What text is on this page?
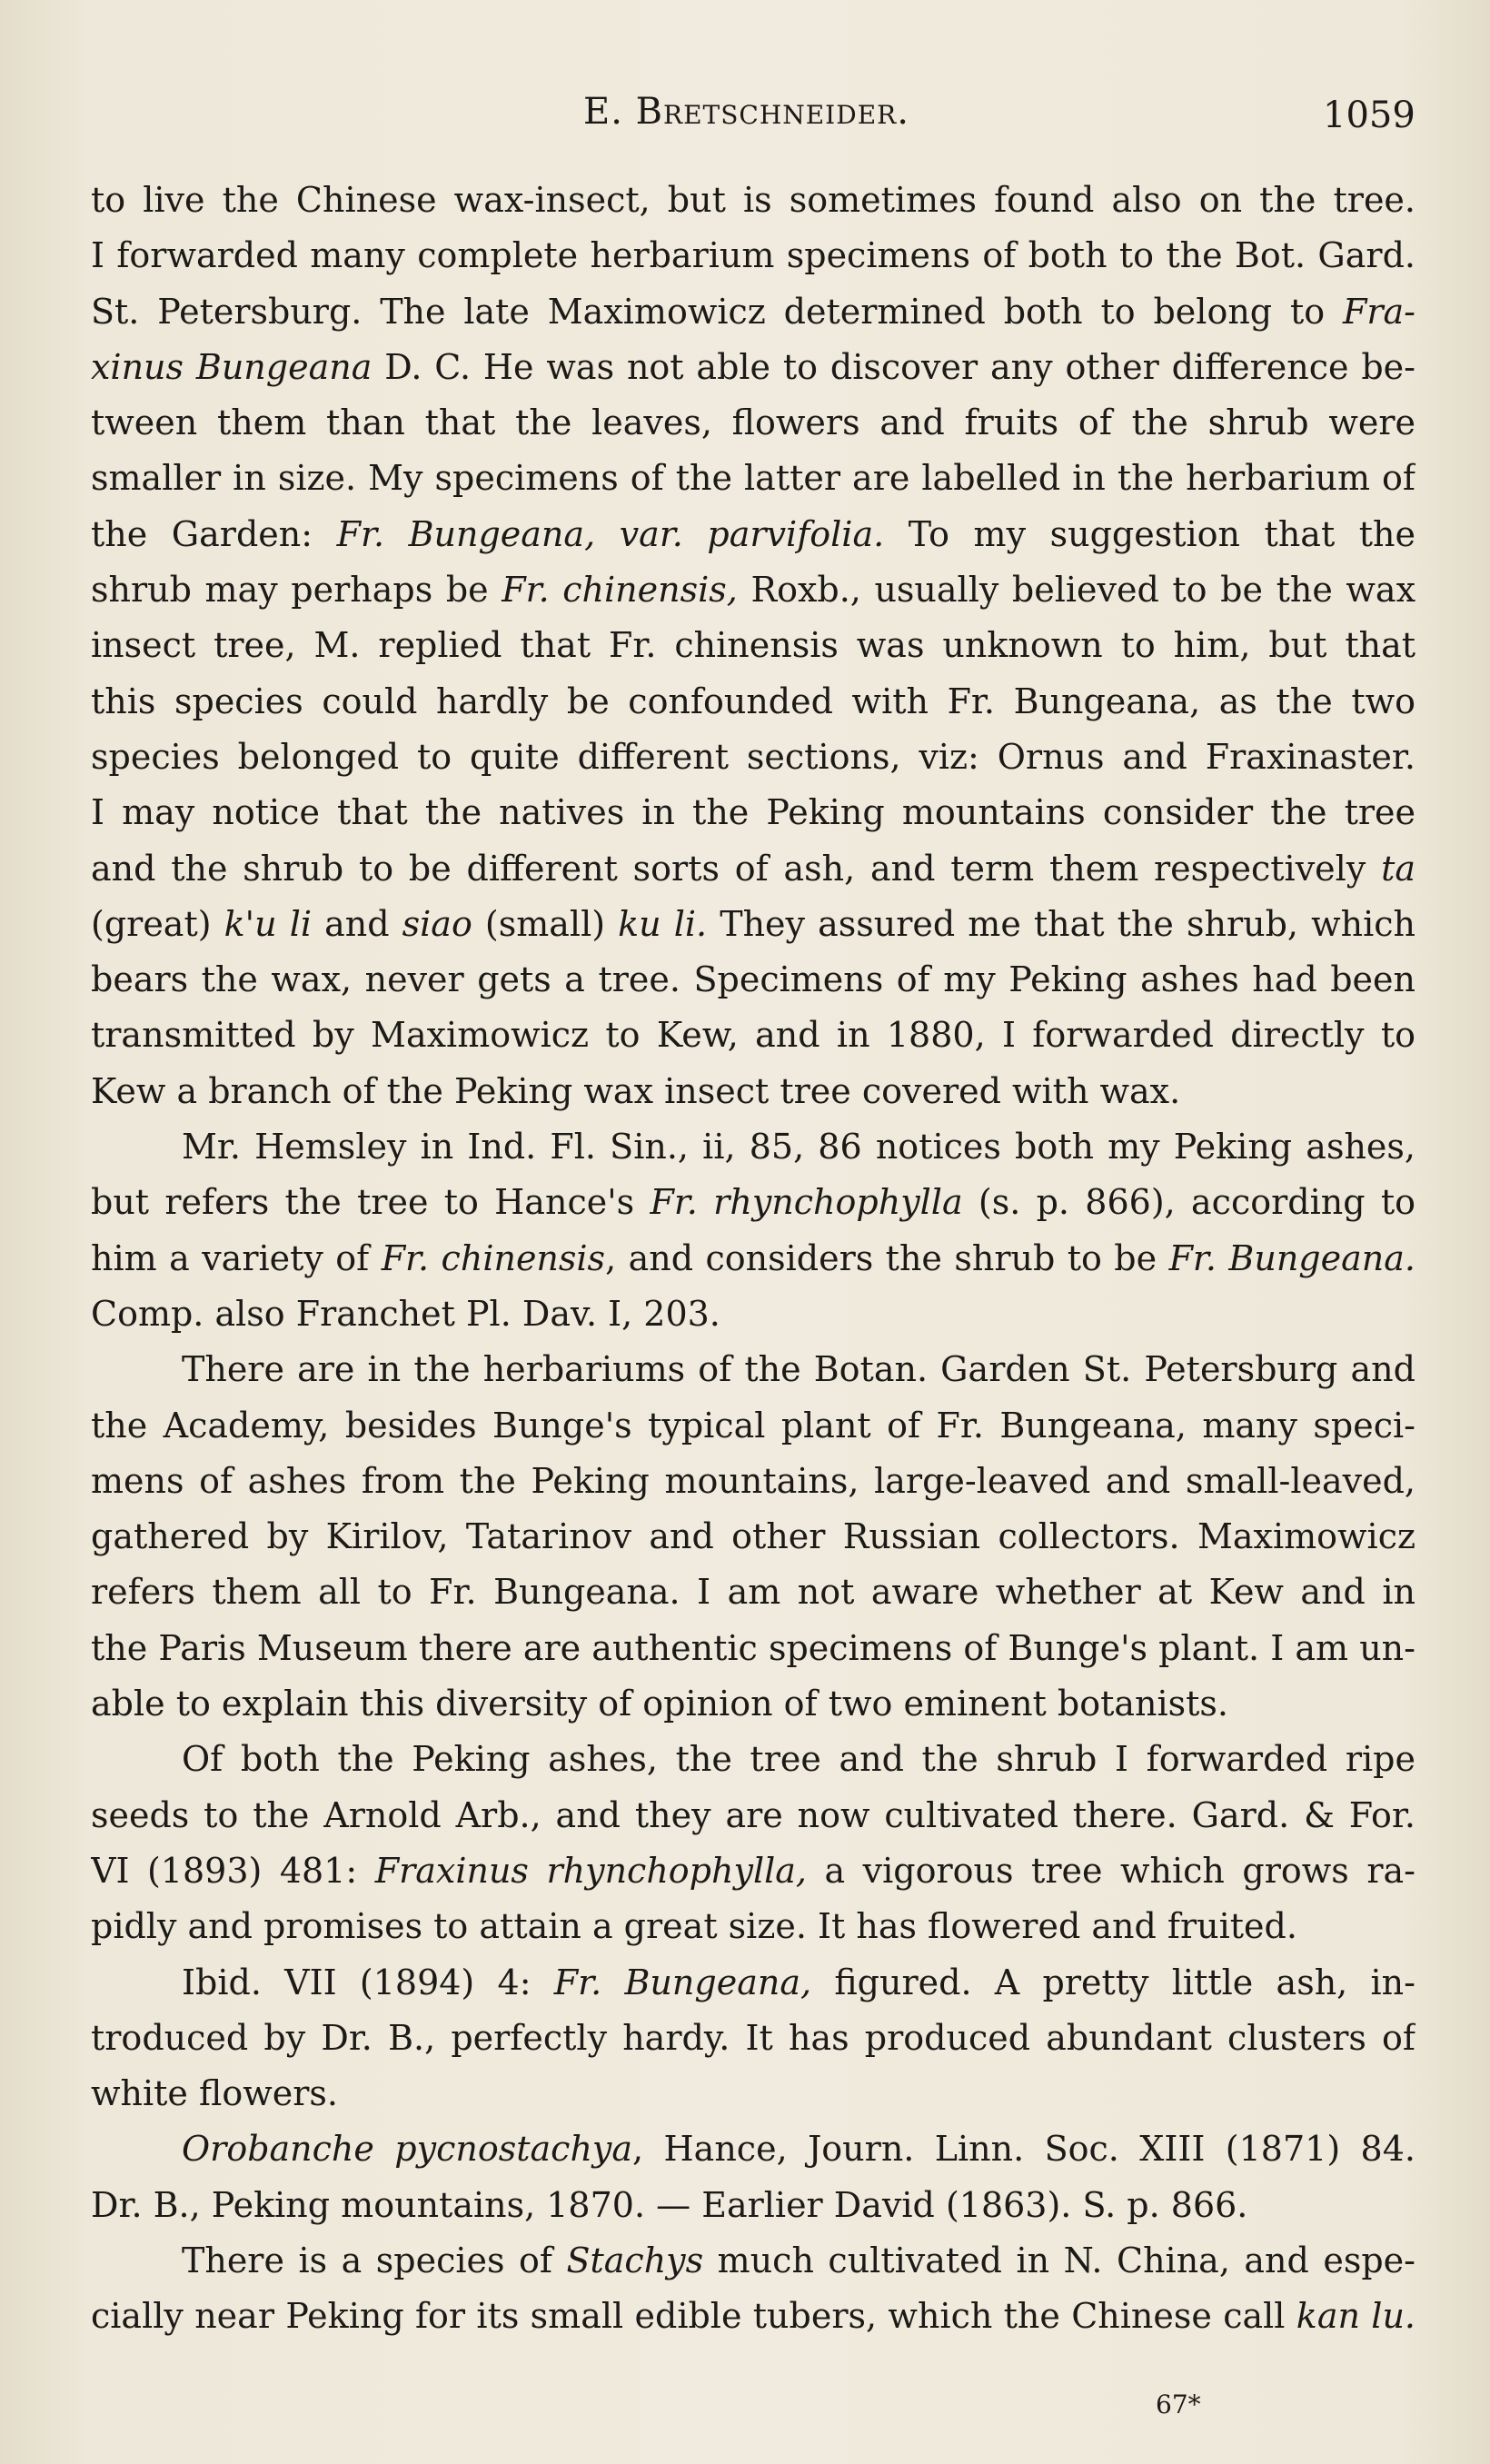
E. Bretschneider.	1059
to live the Chinese wax-insect, but is sometimes found also on the tree.
I forwarded many complete herbarium specimens of both to the Bot. Gard.
St. Petersburg. The late Maximowicz determined both to belong to Fra-
xinus Bungeana D. C. He was not able to discover any other difference be-
tween them than that the leaves, flowers and fruits of the shrub were
smaller in size. My specimens of the latter are labelled in the herbarium of
the Garden: Fr. Bungeana, var. parvifolia. To my suggestion that the
shrub may perhaps be Fr. chinensis, Roxb., usually believed to be the wax
insect tree, M. replied that Fr. chinensis was unknown to him, but that
this species could hardly be confounded with Fr. Bungeana, as the two
species belonged to quite different sections, viz: Ornus and Fraxinaster.
I may notice that the natives in the Peking mountains consider the tree
and the shrub to be different sorts of ash, and term them respectively ta
(great) k'u li and siao (small) ku li. They assured me that the shrub, which
bears the wax, never gets a tree. Specimens of my Peking ashes had been
transmitted by Maximowicz to Kew, and in 1880, I forwarded directly to
Kew a branch of the Peking wax insect tree covered with wax.
Mr. Hemsley in Ind. Fl. Sin., ii, 85, 86 notices both my Peking ashes,
but refers the tree to Hance's Fr. rhynchophylla (s. p. 866), according to
him a variety of Fr. chinensis, and considers the shrub to be Fr. Bungeana.
Comp. also Franchet Pl. Dav. I, 203.
There are in the herbariums of the Botan. Garden St. Petersburg and
the Academy, besides Bunge's typical plant of Fr. Bungeana, many speci-
mens of ashes from the Peking mountains, large-leaved and small-leaved,
gathered by Kirilov, Tatarinov and other Russian collectors. Maximowicz
refers them all to Fr. Bungeana. I am not aware whether at Kew and in
the Paris Museum there are authentic specimens of Bunge's plant. I am un-
able to explain this diversity of opinion of two eminent botanists.
Of both the Peking ashes, the tree and the shrub I forwarded ripe
seeds to the Arnold Arb., and they are now cultivated there. Gard. & For.
VI (1893) 481: Fraxinus rhynchophylla, a vigorous tree which grows ra-
pidly and promises to attain a great size. It has flowered and fruited.
Ibid. VII (1894) 4: Fr. Bungeana, figured. A pretty little ash, in-
troduced by Dr. B., perfectly hardy. It has produced abundant clusters of
white flowers.
Orobanche pycnostachya, Hance, Journ. Linn. Soc. XIII (1871) 84.
Dr. B., Peking mountains, 1870. — Earlier David (1863). S. p. 866.
There is a species of Stachys much cultivated in N. China, and espe-
cially near Peking for its small edible tubers, which the Chinese call kan lu.
67*
